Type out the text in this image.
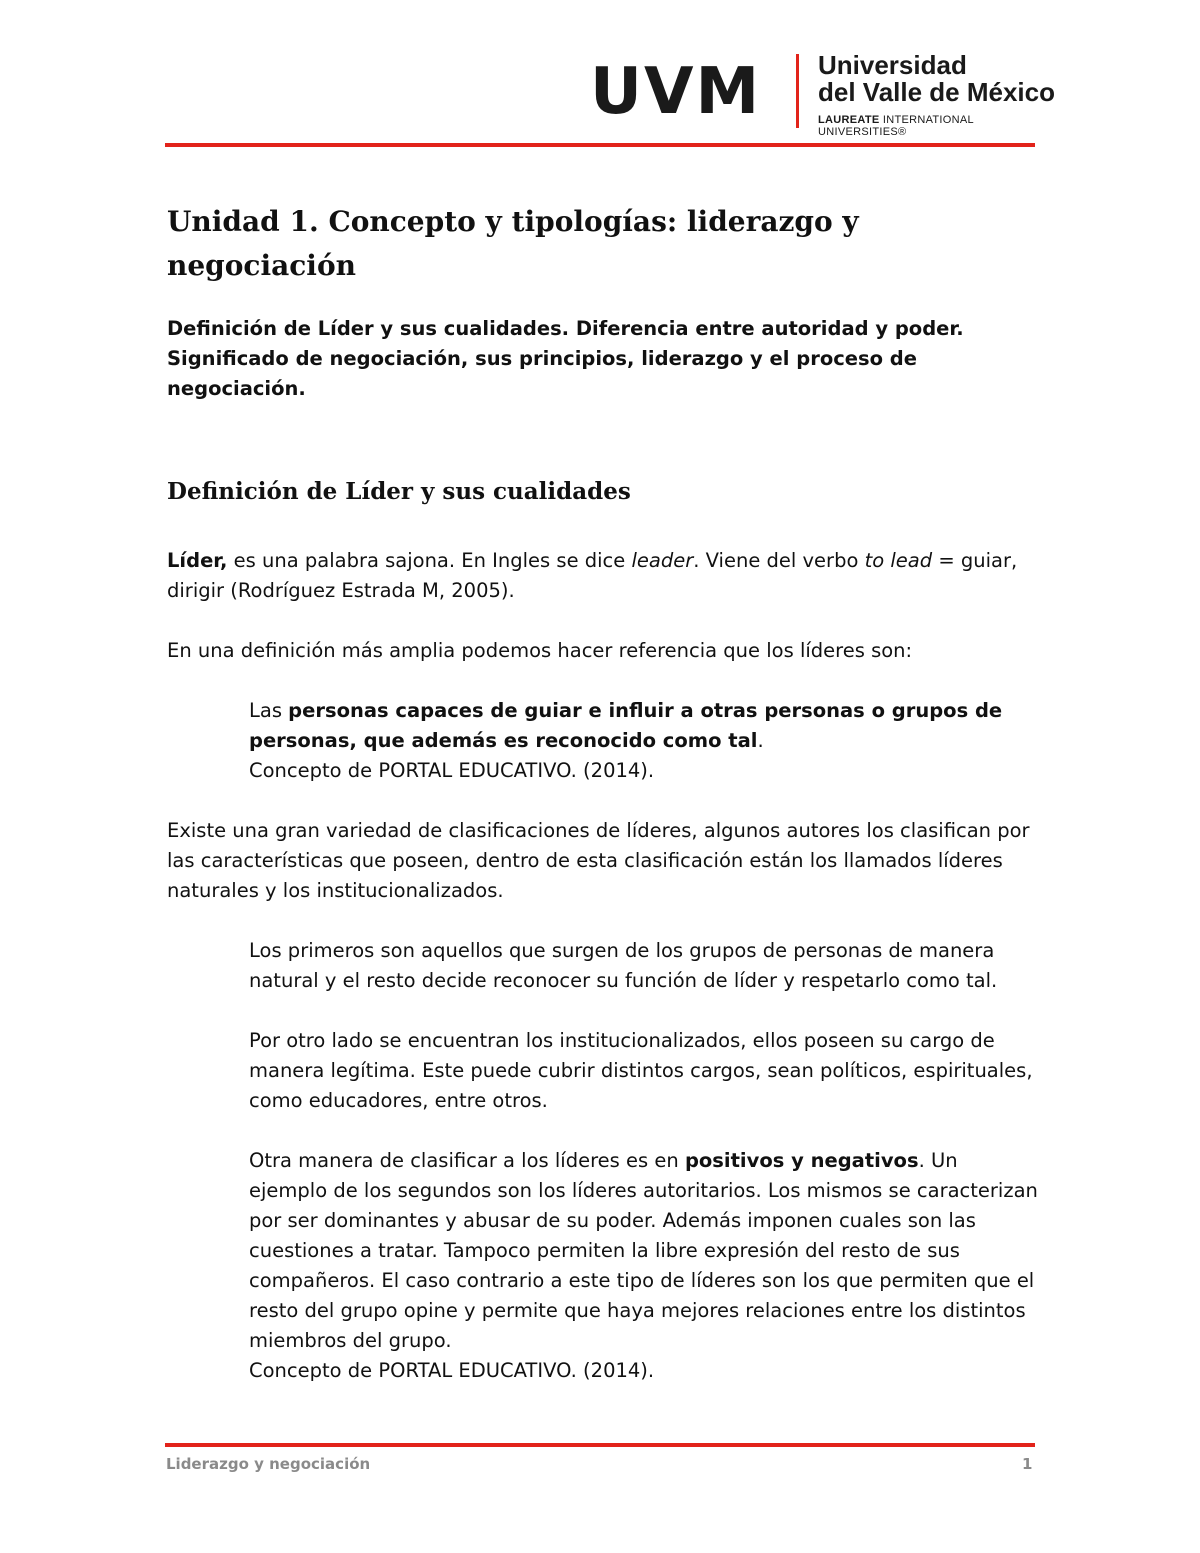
UVM Universidad
del Valle de México
LAUREATE INTERNATIONAL UNIVERSITIES®
Unidad 1. Concepto y tipologías: liderazgo y negociación

Definición de Líder y sus cualidades. Diferencia entre autoridad y poder. Significado de negociación, sus principios, liderazgo y el proceso de negociación.

Definición de Líder y sus cualidades

Líder, es una palabra sajona. En Ingles se dice leader. Viene del verbo to lead = guiar, dirigir (Rodríguez Estrada M, 2005).

En una definición más amplia podemos hacer referencia que los líderes son:

Las personas capaces de guiar e influir a otras personas o grupos de personas, que además es reconocido como tal.
Concepto de PORTAL EDUCATIVO. (2014).

Existe una gran variedad de clasificaciones de líderes, algunos autores los clasifican por las características que poseen, dentro de esta clasificación están los llamados líderes naturales y los institucionalizados.

Los primeros son aquellos que surgen de los grupos de personas de manera natural y el resto decide reconocer su función de líder y respetarlo como tal.

Por otro lado se encuentran los institucionalizados, ellos poseen su cargo de manera legítima. Este puede cubrir distintos cargos, sean políticos, espirituales, como educadores, entre otros.

Otra manera de clasificar a los líderes es en positivos y negativos. Un ejemplo de los segundos son los líderes autoritarios. Los mismos se caracterizan por ser dominantes y abusar de su poder. Además imponen cuales son las cuestiones a tratar. Tampoco permiten la libre expresión del resto de sus compañeros. El caso contrario a este tipo de líderes son los que permiten que el resto del grupo opine y permite que haya mejores relaciones entre los distintos miembros del grupo.
Concepto de PORTAL EDUCATIVO. (2014).
Liderazgo y negociación	1
